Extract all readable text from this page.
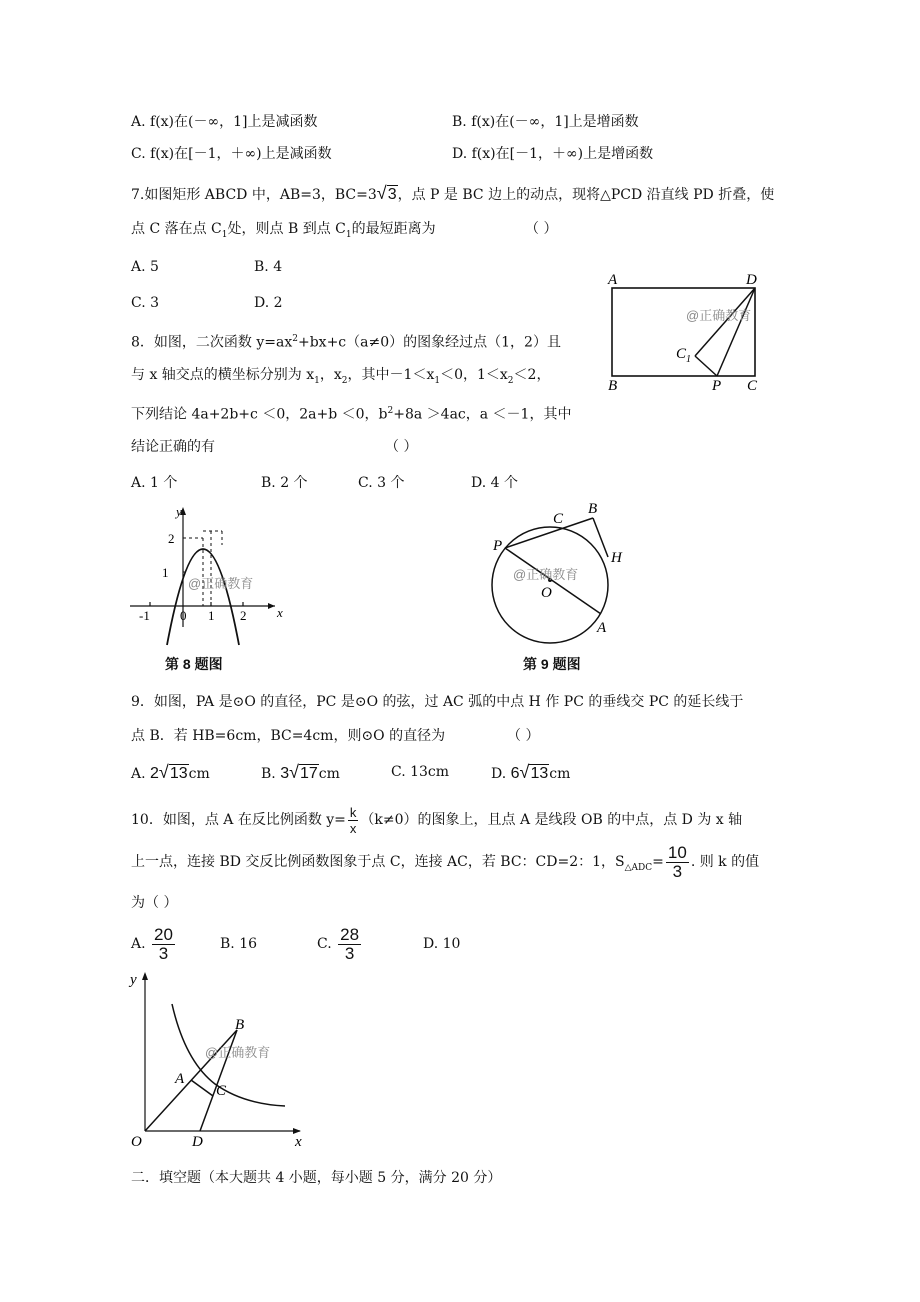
A. f(x)在(－∞，1]上是减函数	B. f(x)在(－∞，1]上是增函数
C. f(x)在[－1，＋∞)上是减函数	D. f(x)在[－1，＋∞)上是增函数
7.如图矩形 ABCD 中，AB=3，BC=3√3，点 P 是 BC 边上的动点，现将△PCD 沿直线 PD 折叠，使
点 C 落在点 $C_1$处，则点 B 到点 $C_1$的最短距离为	（ ）
A. 5	B. 4
C. 3	D. 2
A	D
B	P C
$C_1$
@正确教育
8．如图，二次函数 $y=ax^2+bx+c(a\ne 0)$的图象经过点（1，2）且
与 x 轴交点的横坐标分别为 $x_1$，$x_2$，其中$-1<x_1<0$，$1<x_2<2$，
下列结论 4a+2b+c ＜0，2a+b ＜0，$b^2+8a >4ac$，a ＜－1，其中
结论正确的有	（ ）
A. 1 个	B. 2 个	C. 3 个	D. 4 个
y
x
0 1 2
-1
1
2
@正确教育
第 8 题图
P
C
B
H
O
A
@正确教育
第 9 题图
9．如图，PA 是⊙O 的直径，PC 是⊙O 的弦，过 AC 弧的中点 H 作 PC 的垂线交 PC 的延长线于
点 B．若 HB=6cm，BC=4cm，则⊙O 的直径为	（ ）
A. 2√13cm	B. 3√17cm	C. 13cm	D. 6√13cm
10．如图，点 A 在反比例函数 $y= \frac{k}{x} (k\ne 0)$的图象上，且点 A 是线段 OB 的中点，点 D 为 x 轴
上一点，连接 BD 交反比例函数图象于点 C，连接 AC，若 BC：CD=2：1，$S_{\triangle ADC}= \frac{10}{3}$ . 则 k 的值
为（ ）
A. $\frac{20}{3}$	B. 16	C. $\frac{28}{3}$	D. 10
y
x
O
A
B
C
D
@正确教育
二．填空题（本大题共 4 小题，每小题 5 分，满分 20 分）
